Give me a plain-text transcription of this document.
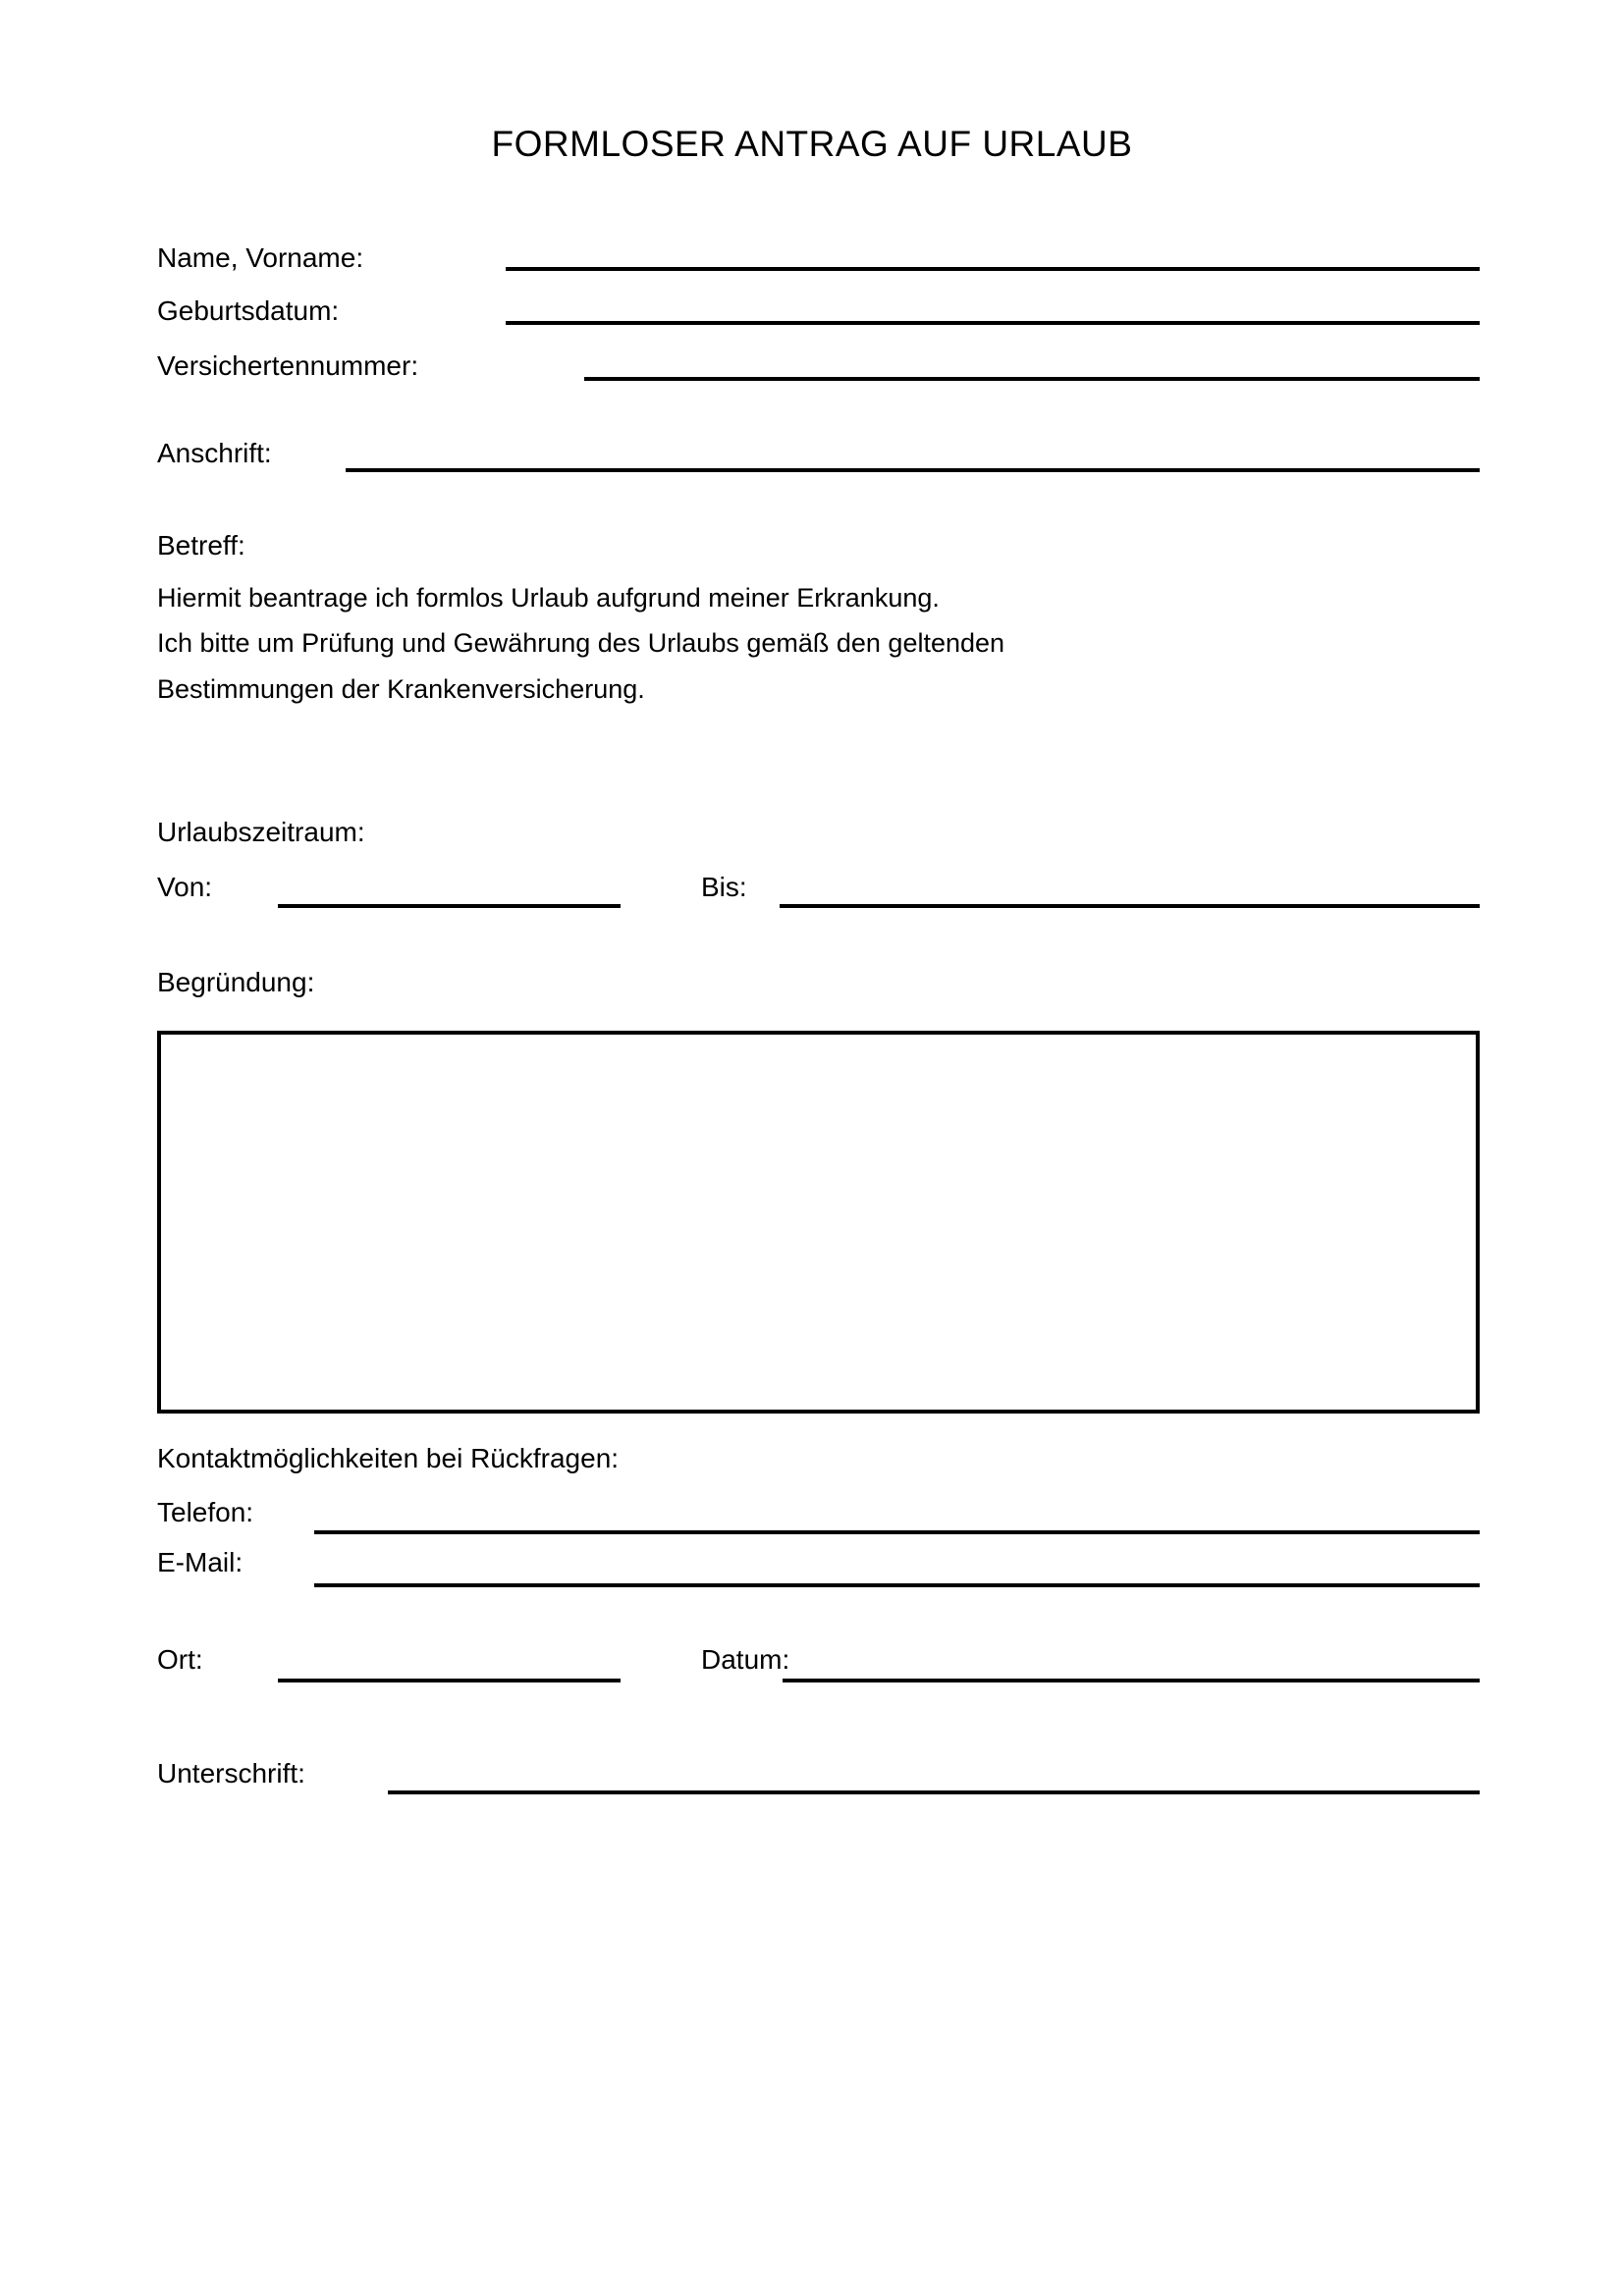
FORMLOSER ANTRAG AUF URLAUB
Name, Vorname:
Geburtsdatum:
Versichertennummer:
Anschrift:
Betreff:
Hiermit beantrage ich formlos Urlaub aufgrund meiner Erkrankung.
Ich bitte um Prüfung und Gewährung des Urlaubs gemäß den geltenden
Bestimmungen der Krankenversicherung.
Urlaubszeitraum:
Von:	Bis:
Begründung:
Kontaktmöglichkeiten bei Rückfragen:
Telefon:
E-Mail:
Ort:	Datum:
Unterschrift:
